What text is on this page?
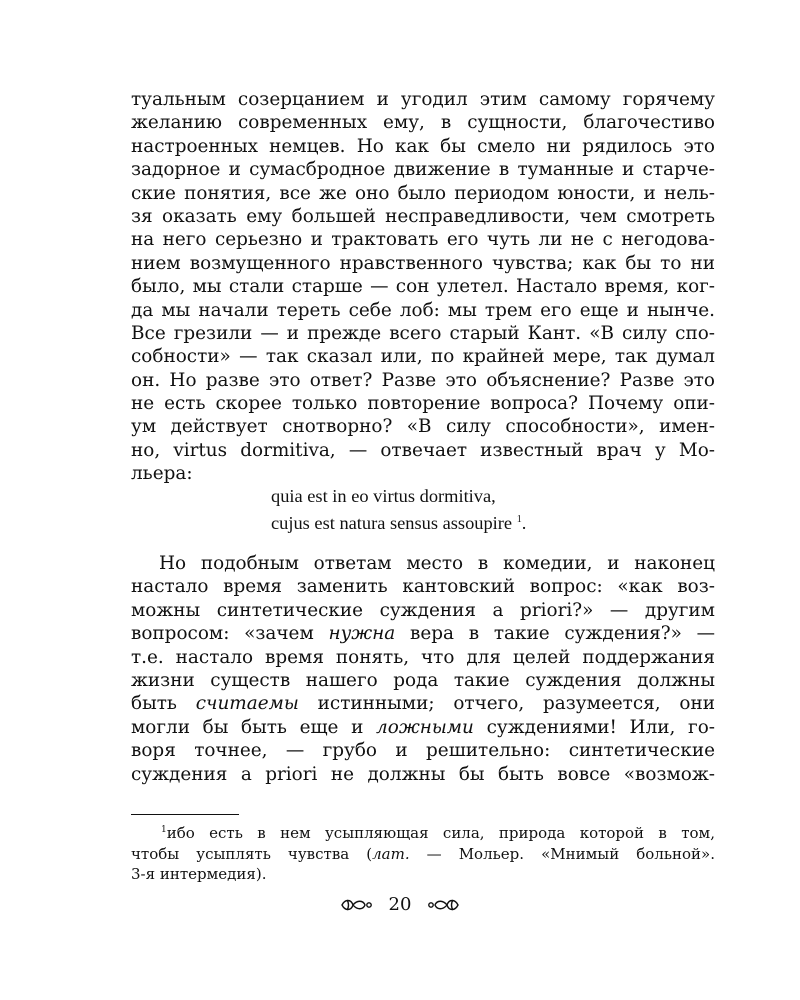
туальным созерцанием и угодил этим самому горячему
желанию современных ему, в сущности, благочестиво
настроенных немцев. Но как бы смело ни рядилось это
задорное и сумасбродное движение в туманные и старче-
ские понятия, все же оно было периодом юности, и нель-
зя оказать ему большей несправедливости, чем смотреть
на него серьезно и трактовать его чуть ли не с негодова-
нием возмущенного нравственного чувства; как бы то ни
было, мы стали старше — сон улетел. Настало время, ког-
да мы начали тереть себе лоб: мы трем его еще и нынче.
Все грезили — и прежде всего старый Кант. «В силу спо-
собности» — так сказал или, по крайней мере, так думал
он. Но разве это ответ? Разве это объяснение? Разве это
не есть скорее только повторение вопроса? Почему опи-
ум действует снотворно? «В силу способности», имен-
но, virtus dormitiva, — отвечает известный врач у Мо-
льера:
quia est in eo virtus dormitiva,
cujus est natura sensus assoupire $^1$.
Но подобным ответам место в комедии, и наконец
настало время заменить кантовский вопрос: «как воз-
можны синтетические суждения a priori?» — другим
вопросом: «зачем нужна вера в такие суждения?» —
т.е. настало время понять, что для целей поддержания
жизни существ нашего рода такие суждения должны
быть считаемы истинными; отчего, разумеется, они
могли бы быть еще и ложными суждениями! Или, го-
воря точнее, — грубо и решительно: синтетические
суждения a priori не должны бы быть вовсе «возмож-
$^1$ибо есть в нем усыпляющая сила, природа которой в том,
чтобы усыплять чувства (лат. — Мольер. «Мнимый больной».
3-я интермедия).
20
